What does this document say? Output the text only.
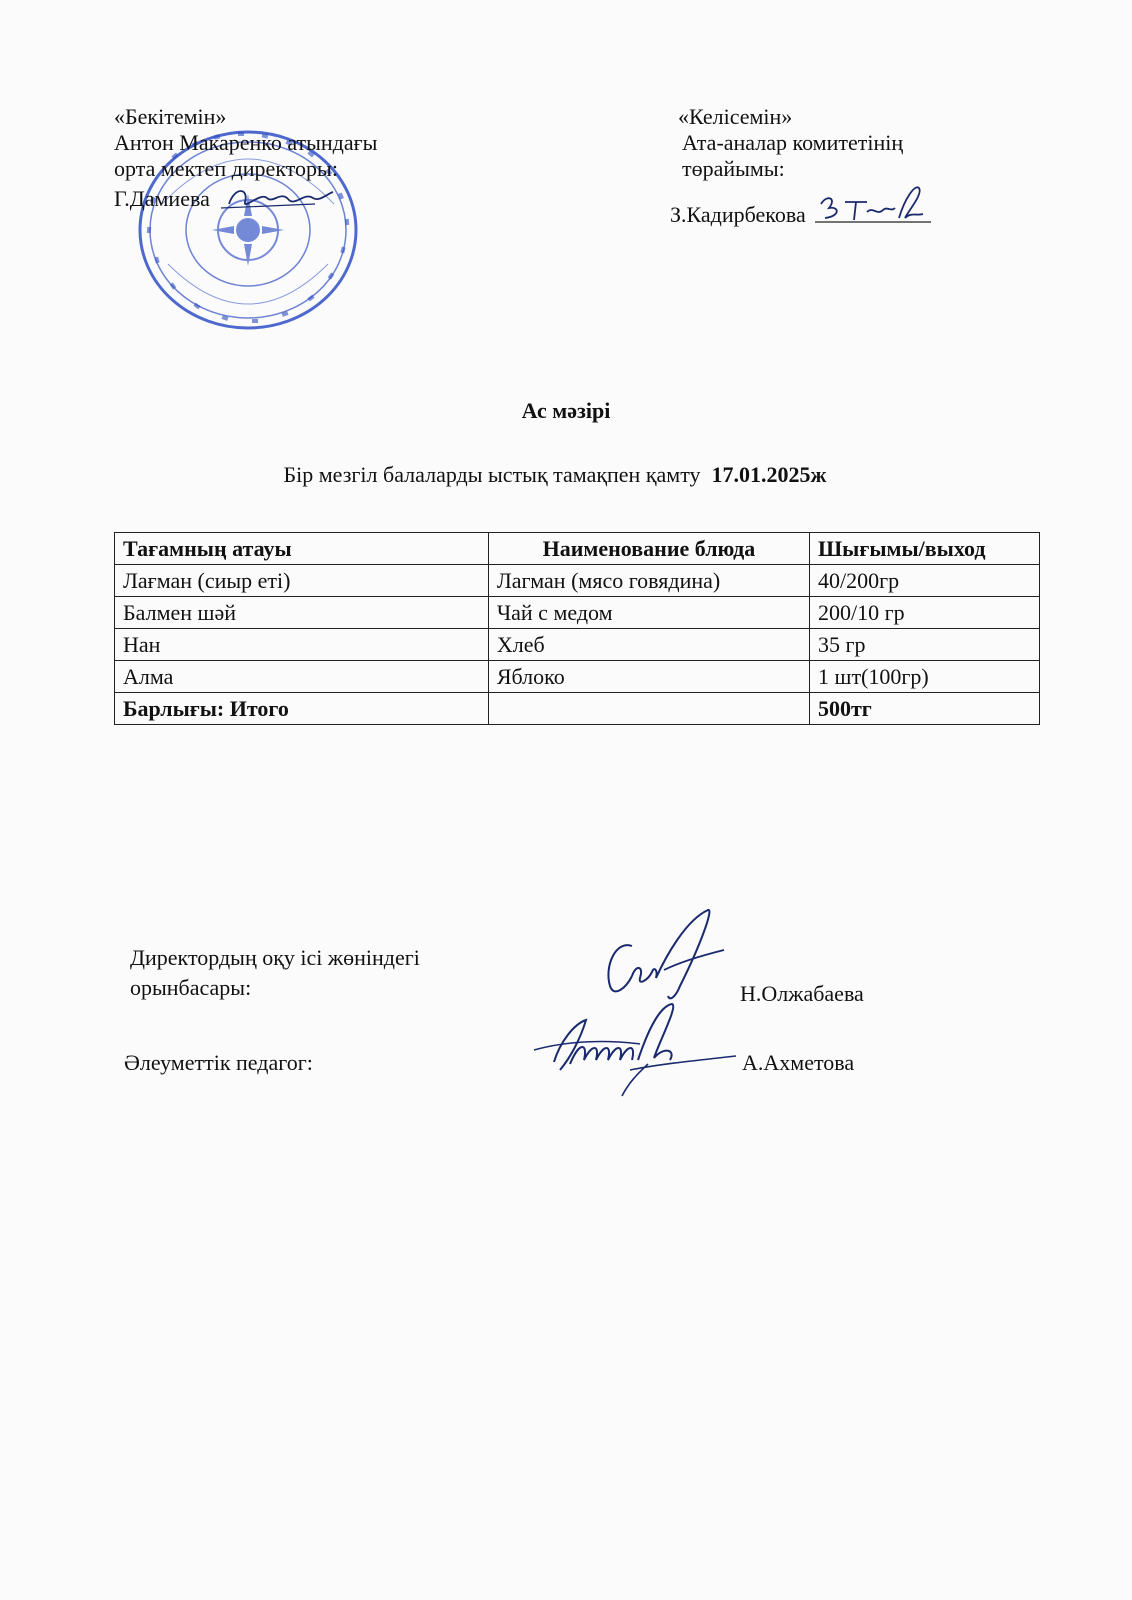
«Бекітемін»
Антон Макаренко атындағы
орта мектеп директоры:
Г.Дамиева
«Келісемін»
Ата-аналар комитетінің
төрайымы:
З.Кадирбекова
Ас мәзірі
Бір мезгіл балаларды ыстық тамақпен қамту 17.01.2025ж
Тағамның атауы	Наименование блюда	Шығымы/выход
Лағман (сиыр еті)	Лагман (мясо говядина)	40/200гр
Балмен шәй	Чай с медом	200/10 гр
Нан	Хлеб	35 гр
Алма	Яблоко	1 шт(100гр)
Барлығы: Итого		500тг
Директордың оқу ісі жөніндегі
орынбасары:	Н.Олжабаева
Әлеуметтік педагог:	А.Ахметова
